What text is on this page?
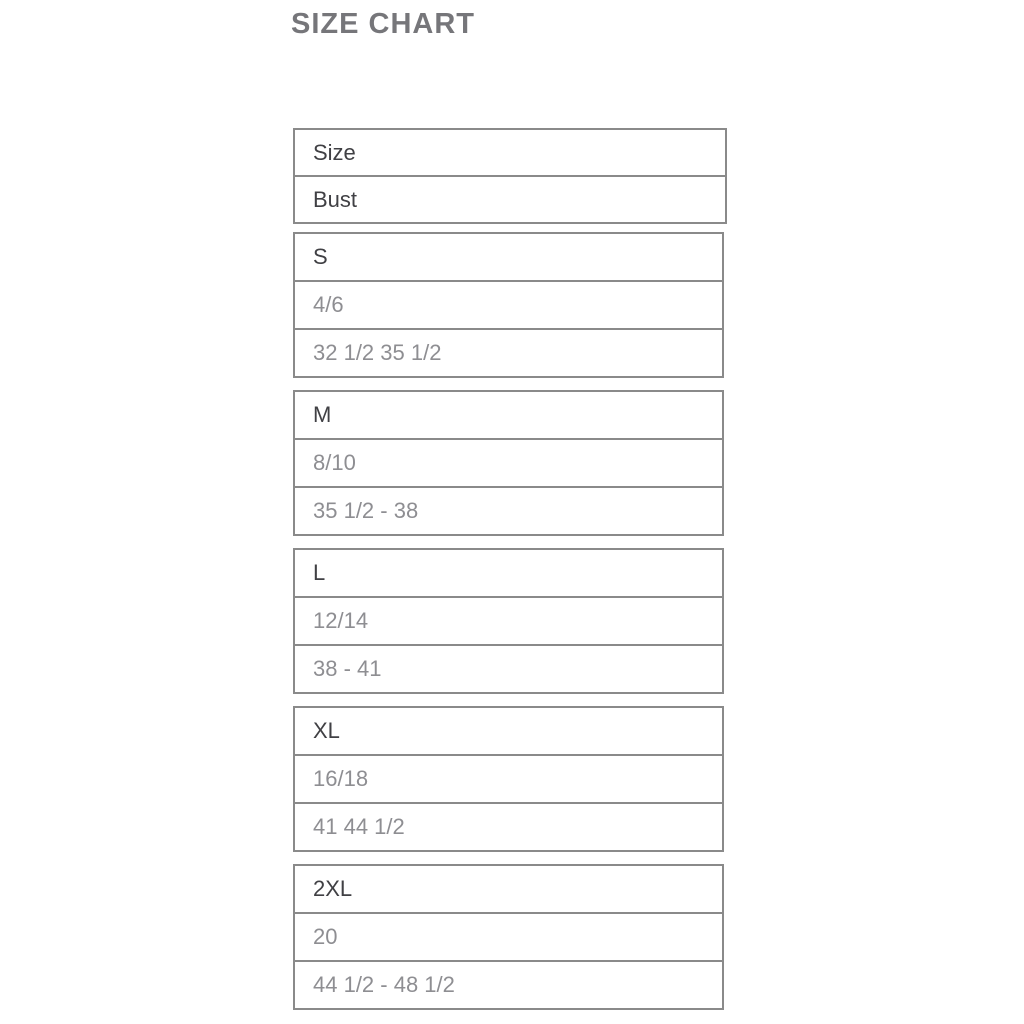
SIZE CHART
Size
Bust
S
4/6
32 1/2 35 1/2
M
8/10
35 1/2 - 38
L
12/14
38 - 41
XL
16/18
41 44 1/2
2XL
20
44 1/2 - 48 1/2
